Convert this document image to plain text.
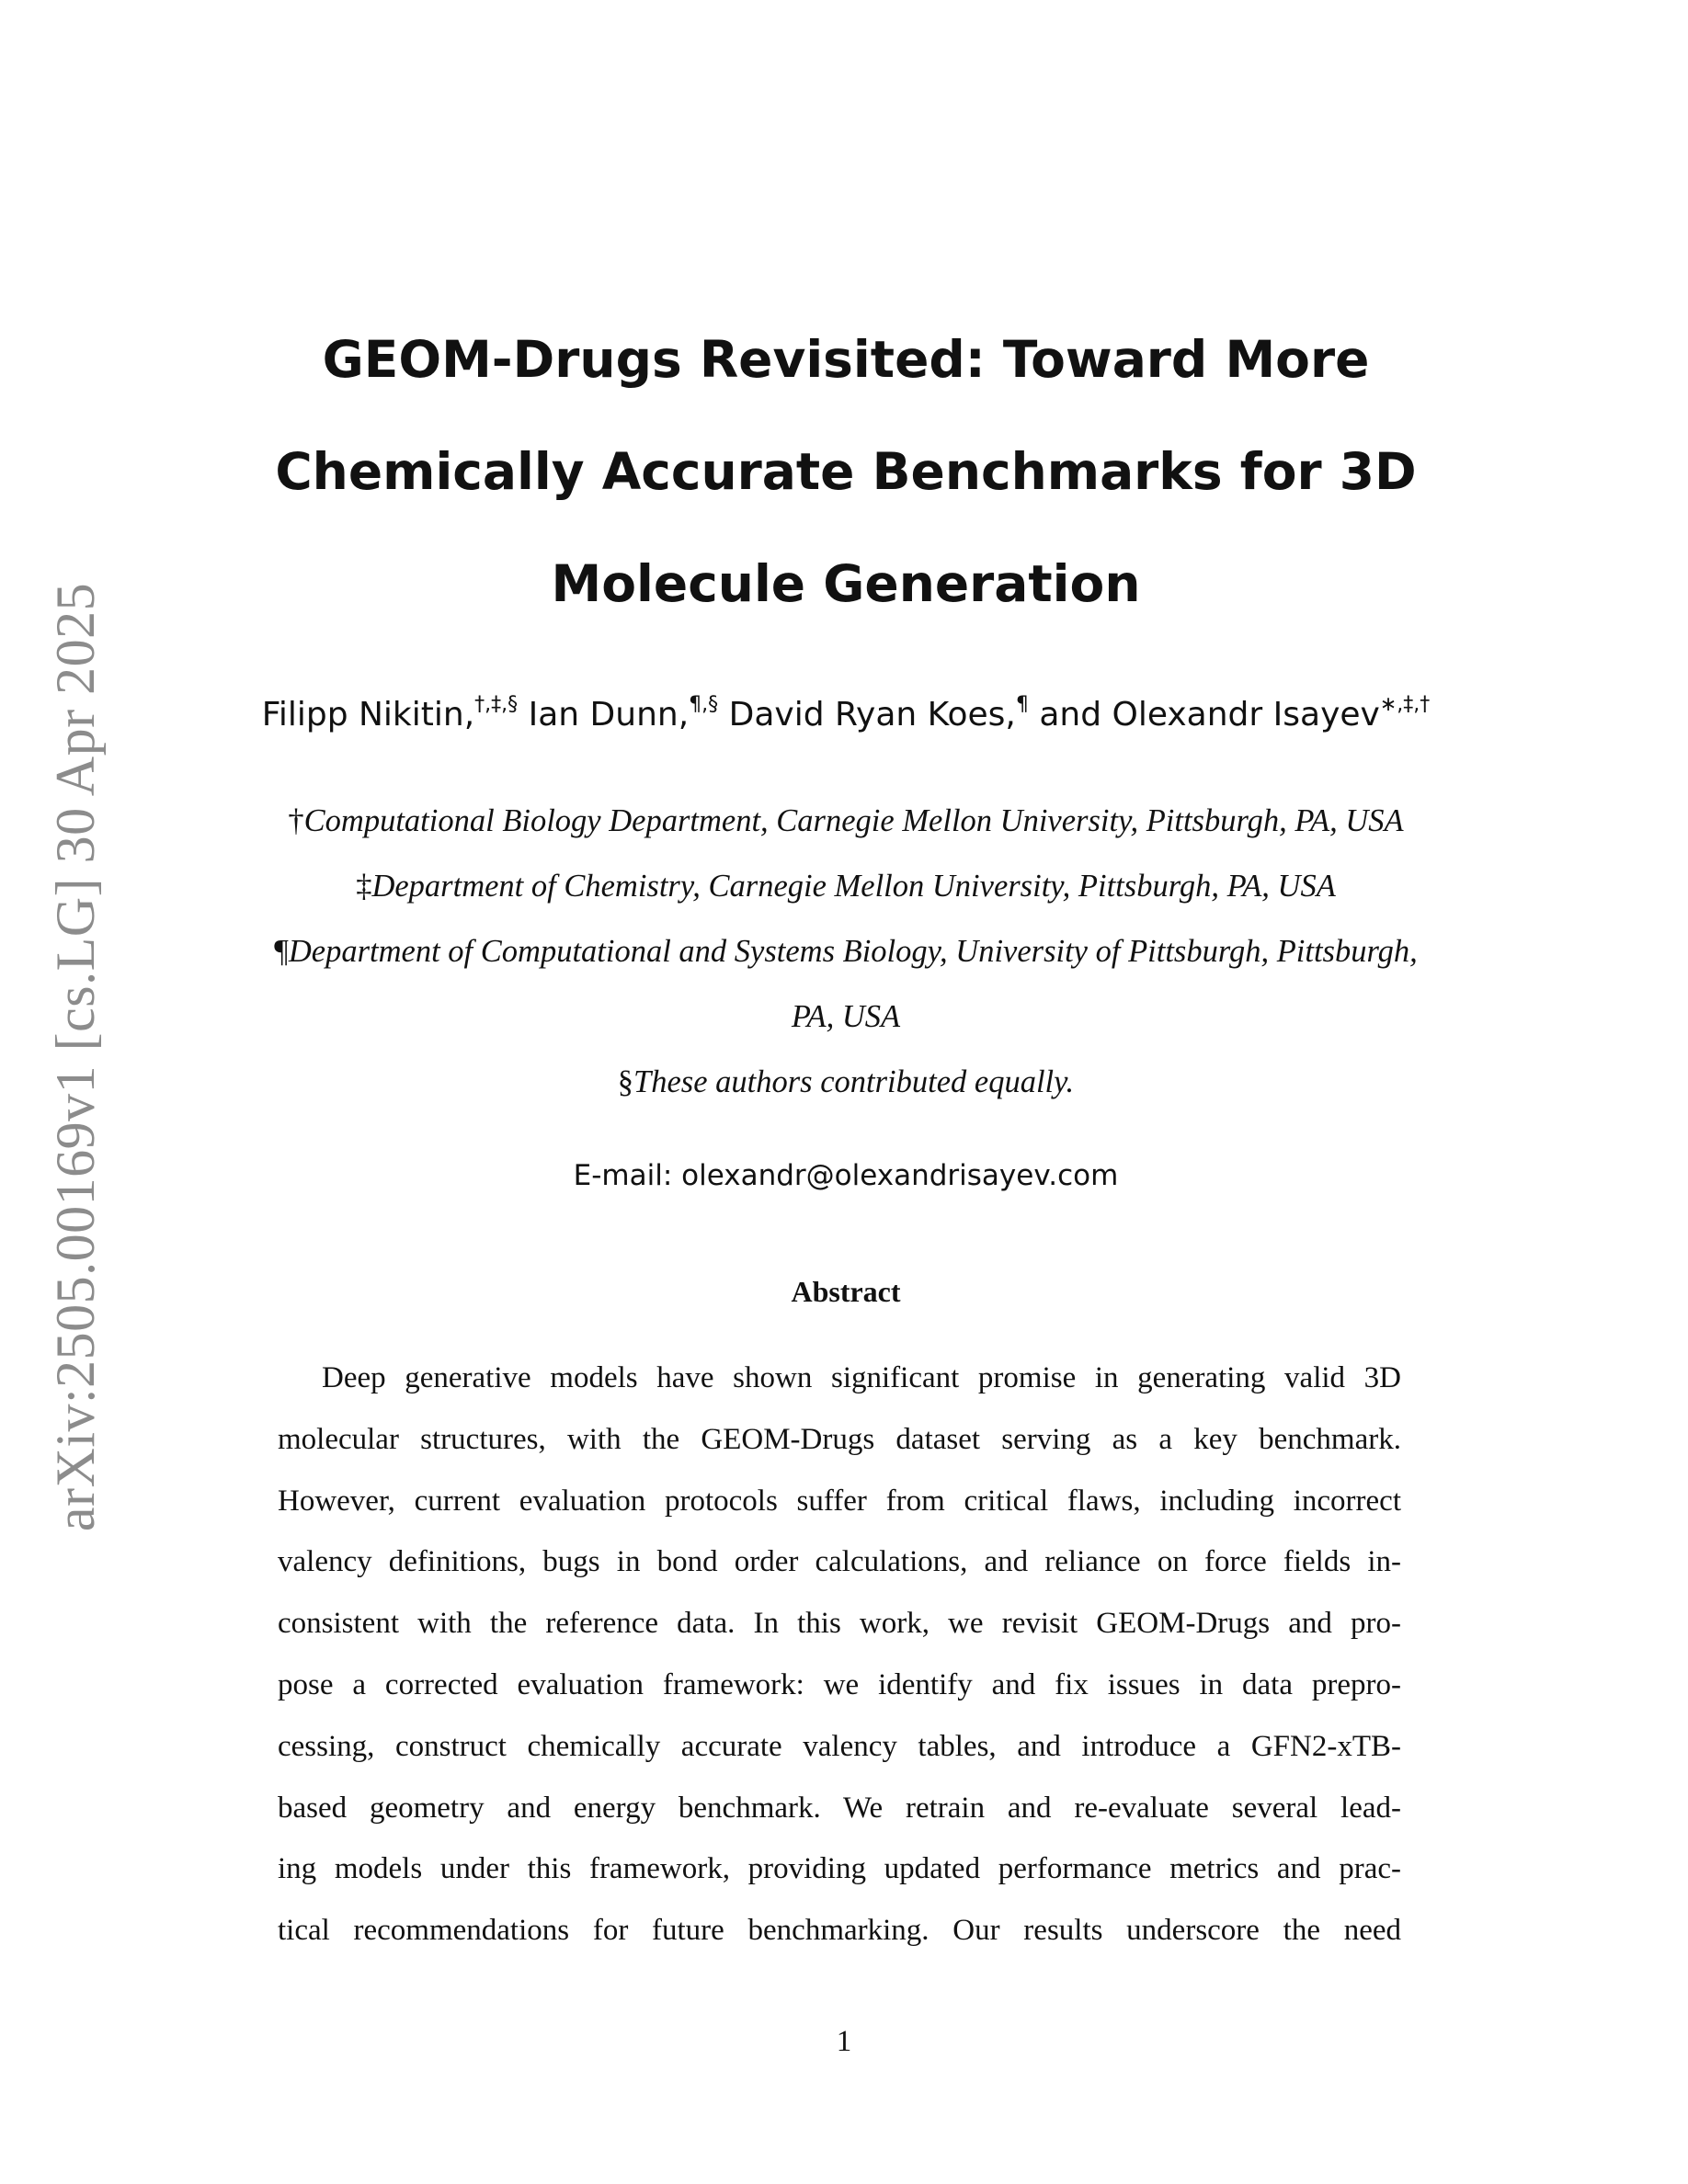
arXiv:2505.00169v1 [cs.LG] 30 Apr 2025
GEOM-Drugs Revisited: Toward More
Chemically Accurate Benchmarks for 3D
Molecule Generation
Filipp Nikitin,†,‡,§ Ian Dunn,¶,§ David Ryan Koes,¶ and Olexandr Isayev∗,‡,†
†Computational Biology Department, Carnegie Mellon University, Pittsburgh, PA, USA
‡Department of Chemistry, Carnegie Mellon University, Pittsburgh, PA, USA
¶Department of Computational and Systems Biology, University of Pittsburgh, Pittsburgh,
PA, USA
§These authors contributed equally.
E-mail: olexandr@olexandrisayev.com
Abstract
Deep generative models have shown significant promise in generating valid 3D
molecular structures, with the GEOM-Drugs dataset serving as a key benchmark.
However, current evaluation protocols suffer from critical flaws, including incorrect
valency definitions, bugs in bond order calculations, and reliance on force fields in-
consistent with the reference data. In this work, we revisit GEOM-Drugs and pro-
pose a corrected evaluation framework: we identify and fix issues in data prepro-
cessing, construct chemically accurate valency tables, and introduce a GFN2-xTB-
based geometry and energy benchmark. We retrain and re-evaluate several lead-
ing models under this framework, providing updated performance metrics and prac-
tical recommendations for future benchmarking. Our results underscore the need
1
